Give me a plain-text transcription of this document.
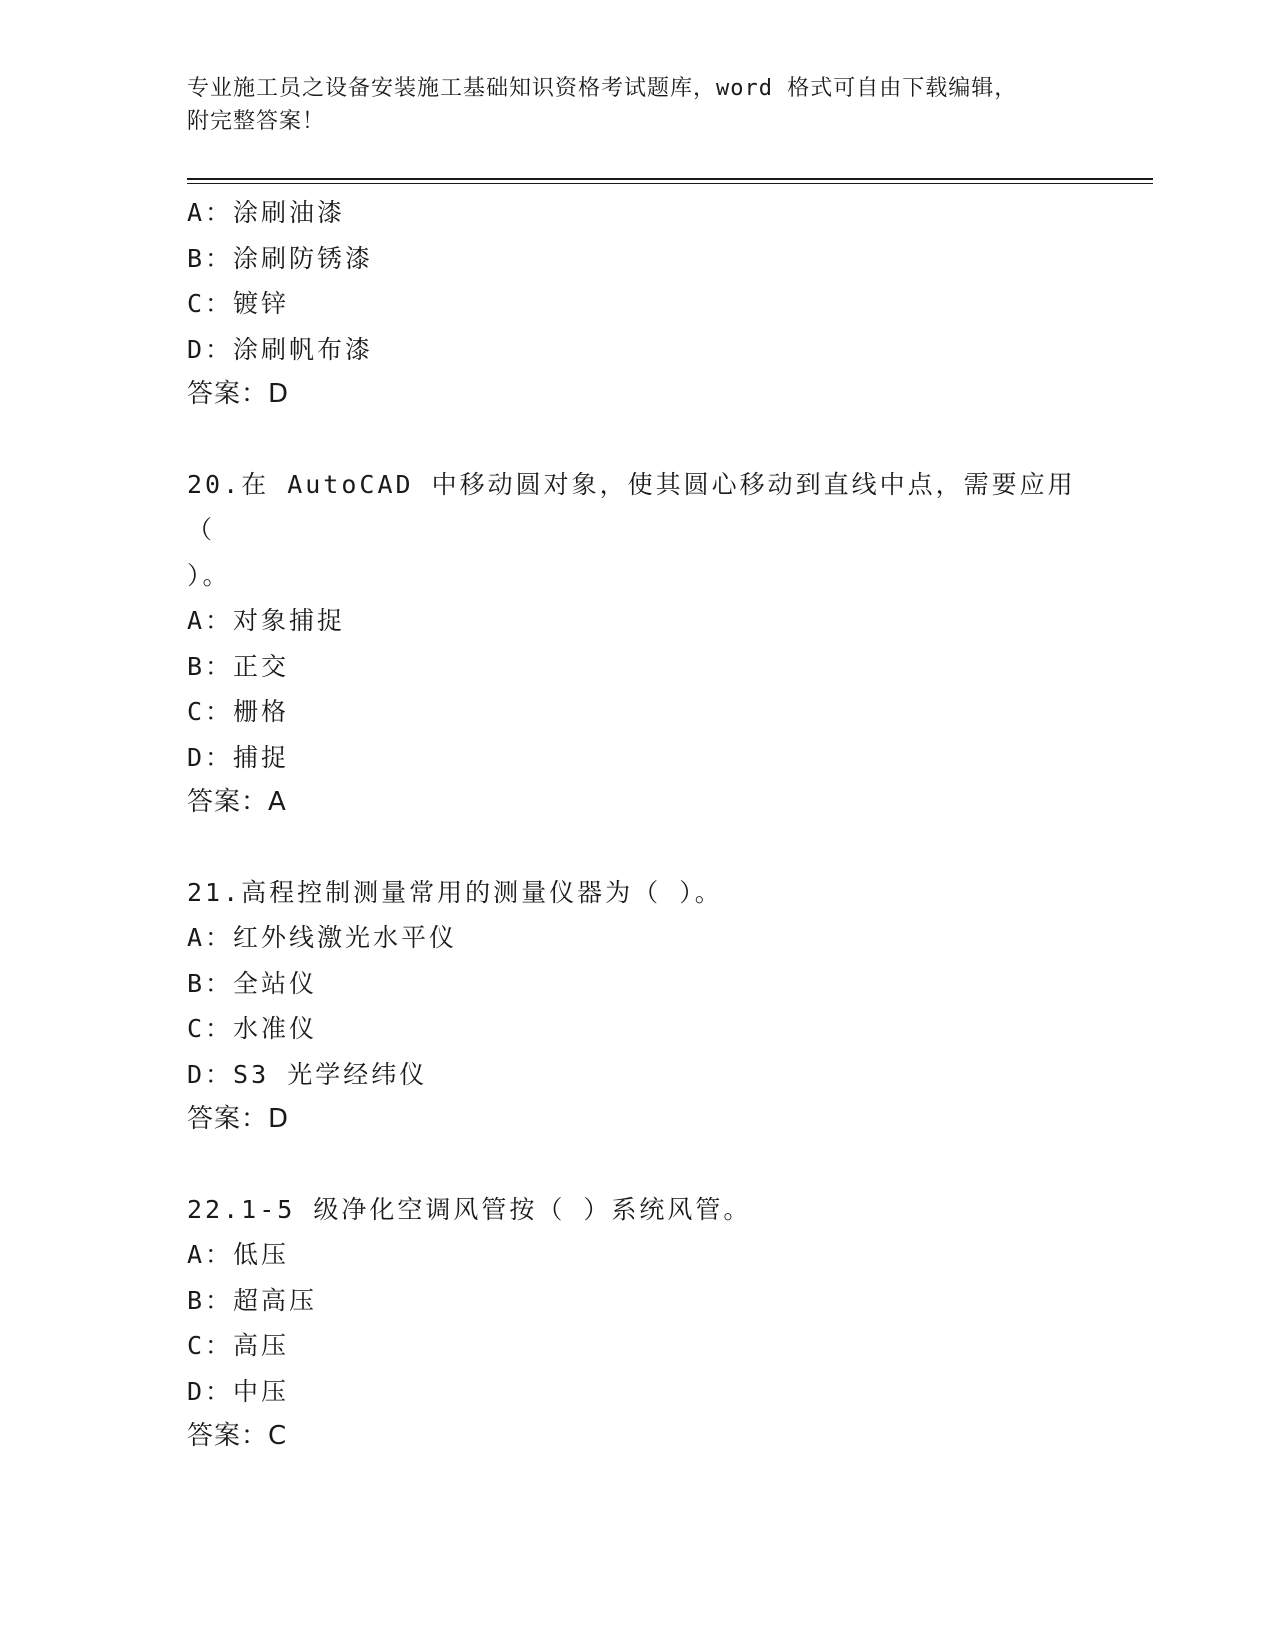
专业施工员之设备安装施工基础知识资格考试题库，word 格式可自由下载编辑，
附完整答案！
A：涂刷油漆
B：涂刷防锈漆
C：镀锌
D：涂刷帆布漆
答案：D
20.在 AutoCAD 中移动圆对象，使其圆心移动到直线中点，需要应用（
）。
A：对象捕捉
B：正交
C：栅格
D：捕捉
答案：A
21.高程控制测量常用的测量仪器为（ ）。
A：红外线激光水平仪
B：全站仪
C：水准仪
D：S3 光学经纬仪
答案：D
22.1-5 级净化空调风管按（ ）系统风管。
A：低压
B：超高压
C：高压
D：中压
答案：C
